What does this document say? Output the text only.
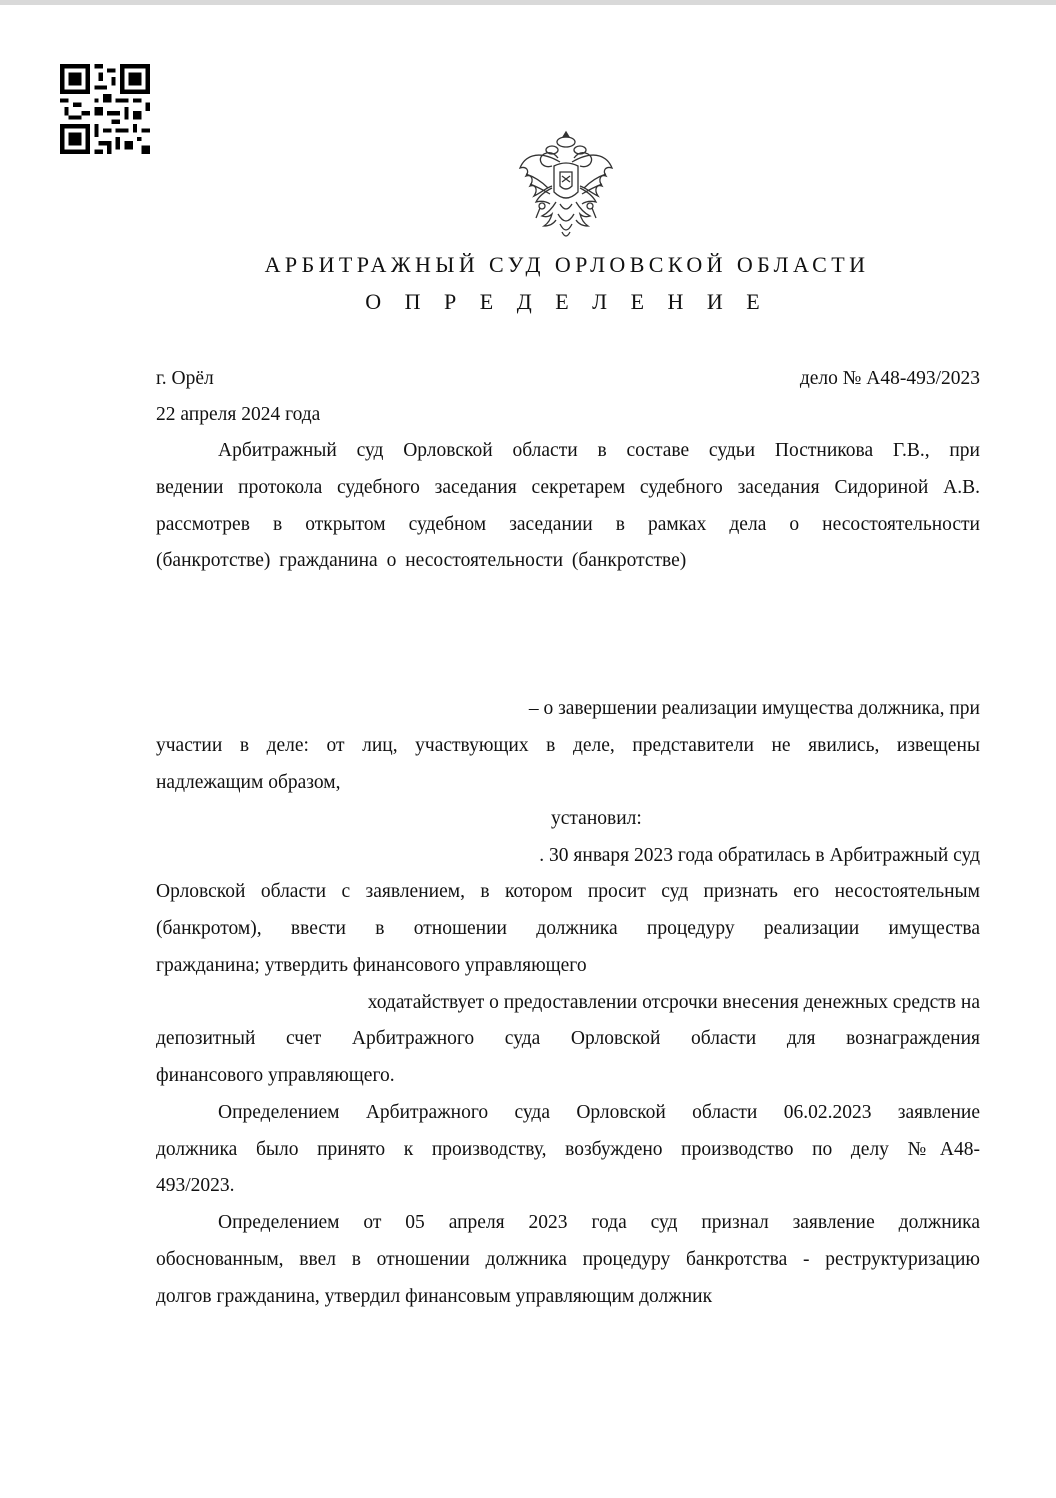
АРБИТРАЖНЫЙ СУД ОРЛОВСКОЙ ОБЛАСТИ
О П Р Е Д Е Л Е Н И Е
г. Орёл	дело № А48-493/2023
22 апреля 2024 года
Арбитражный суд Орловской области в составе судьи Постникова Г.В., при
ведении протокола судебного заседания секретарем судебного заседания Сидориной А.В.
рассмотрев в открытом судебном заседании в рамках дела о несостоятельности
(банкротстве) гражданина о несостоятельности (банкротстве)
– о завершении реализации имущества должника, при
участии в деле: от лиц, участвующих в деле, представители не явились, извещены
надлежащим образом,
установил:
. 30 января 2023 года обратилась в Арбитражный суд
Орловской области с заявлением, в котором просит суд признать его несостоятельным
(банкротом), ввести в отношении должника процедуру реализации имущества
гражданина; утвердить финансового управляющего
ходатайствует о предоставлении отсрочки внесения денежных средств на
депозитный счет Арбитражного суда Орловской области для вознаграждения
финансового управляющего.
Определением Арбитражного суда Орловской области 06.02.2023 заявление
должника было принято к производству, возбуждено производство по делу №А48-
493/2023.
Определением от 05 апреля 2023 года суд признал заявление должника
обоснованным, ввел в отношении должника процедуру банкротства - реструктуризацию
долгов гражданина, утвердил финансовым управляющим должник
